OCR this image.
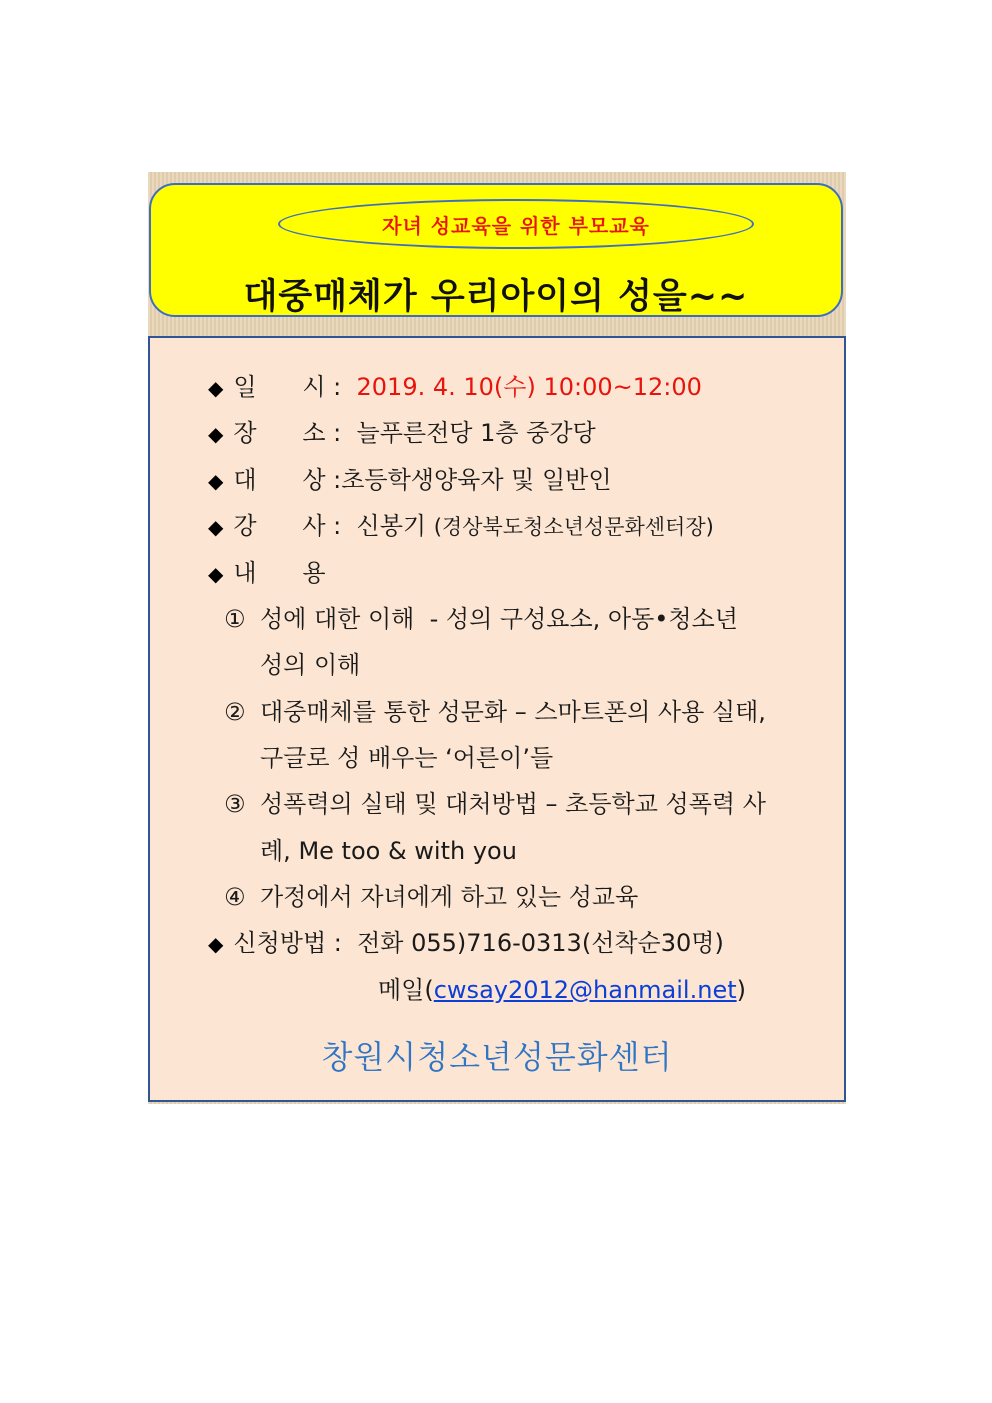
자녀 성교육을 위한 부모교육
대중매체가 우리아이의 성을~~
◆ 일      시 : 2019. 4. 10(수) 10:00~12:00
◆ 장      소 : 늘푸른전당 1층 중강당
◆ 대      상 :초등학생양육자 및 일반인
◆ 강      사 : 신봉기 (경상북도청소년성문화센터장)
◆ 내      용
① 성에 대한 이해  - 성의 구성요소, 아동•청소년
성의 이해
② 대중매체를 통한 성문화 – 스마트폰의 사용 실태,
구글로 성 배우는 ‘어른이’들
③ 성폭력의 실태 및 대처방법 – 초등학교 성폭력 사
례, Me too & with you
④ 가정에서 자녀에게 하고 있는 성교육
◆ 신청방법 : 전화 055)716-0313(선착순30명)
메일(cwsay2012@hanmail.net)
창원시청소년성문화센터
